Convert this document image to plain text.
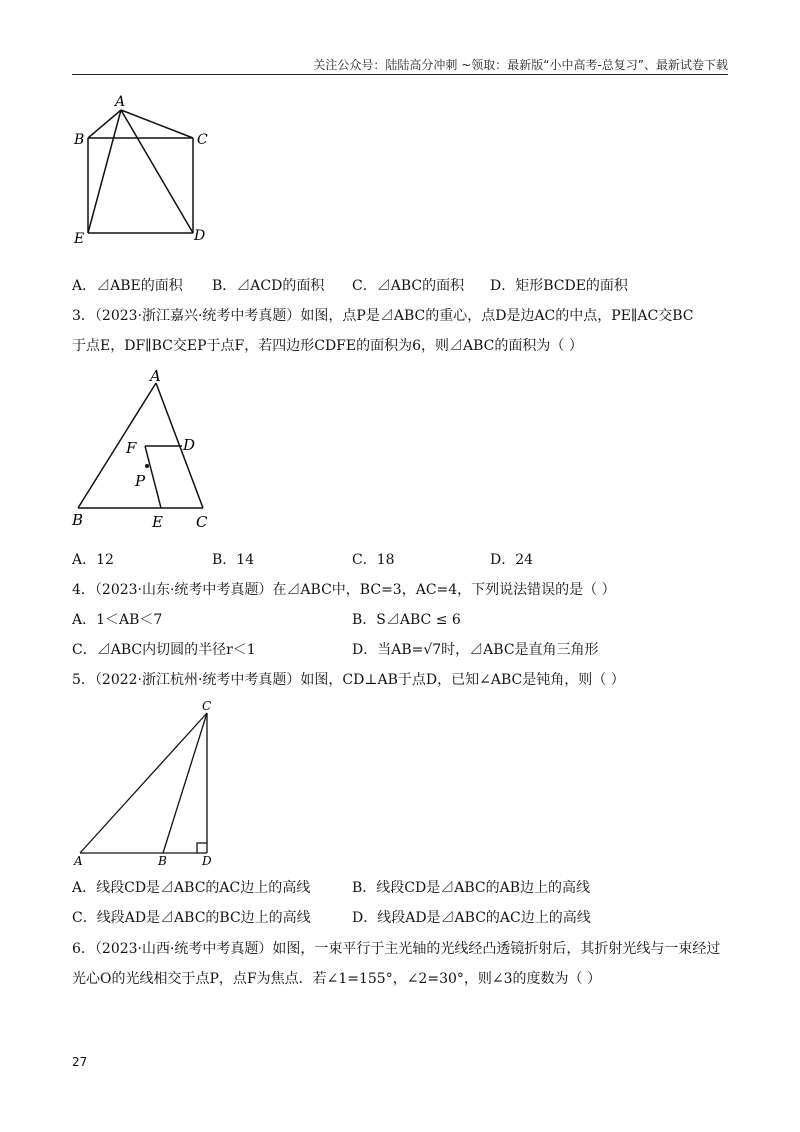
关注公众号：陆陆高分冲刺 ~领取：最新版“小中高考-总复习”、最新试卷下载
A
B	C
E	D
A．⊿ABE的面积 B．⊿ACD的面积 C．⊿ABC的面积 D．矩形BCDE的面积
3．（2023·浙江嘉兴·统考中考真题）如图，点P是⊿ABC的重心，点D是边AC的中点，PE∥AC交BC
于点E，DF∥BC交EP于点F，若四边形CDFE的面积为6，则⊿ABC的面积为（ ）
A
F	D
P
B	E C
A．12	B．14	C．18	D．24
4．（2023·山东·统考中考真题）在⊿ABC中，BC=3，AC=4，下列说法错误的是（ ）
A．1＜AB＜7	B．S⊿ABC ≤ 6
C．⊿ABC内切圆的半径r＜1	D．当AB=√7时，⊿ABC是直角三角形
5．（2022·浙江杭州·统考中考真题）如图，CD⊥AB于点D，已知∠ABC是钝角，则（ ）
C
A	B	D
A．线段CD是⊿ABC的AC边上的高线	B．线段CD是⊿ABC的AB边上的高线
C．线段AD是⊿ABC的BC边上的高线	D．线段AD是⊿ABC的AC边上的高线
6．（2023·山西·统考中考真题）如图，一束平行于主光轴的光线经凸透镜折射后，其折射光线与一束经过
光心O的光线相交于点P，点F为焦点．若∠1=155°，∠2=30°，则∠3的度数为（ ）
27
